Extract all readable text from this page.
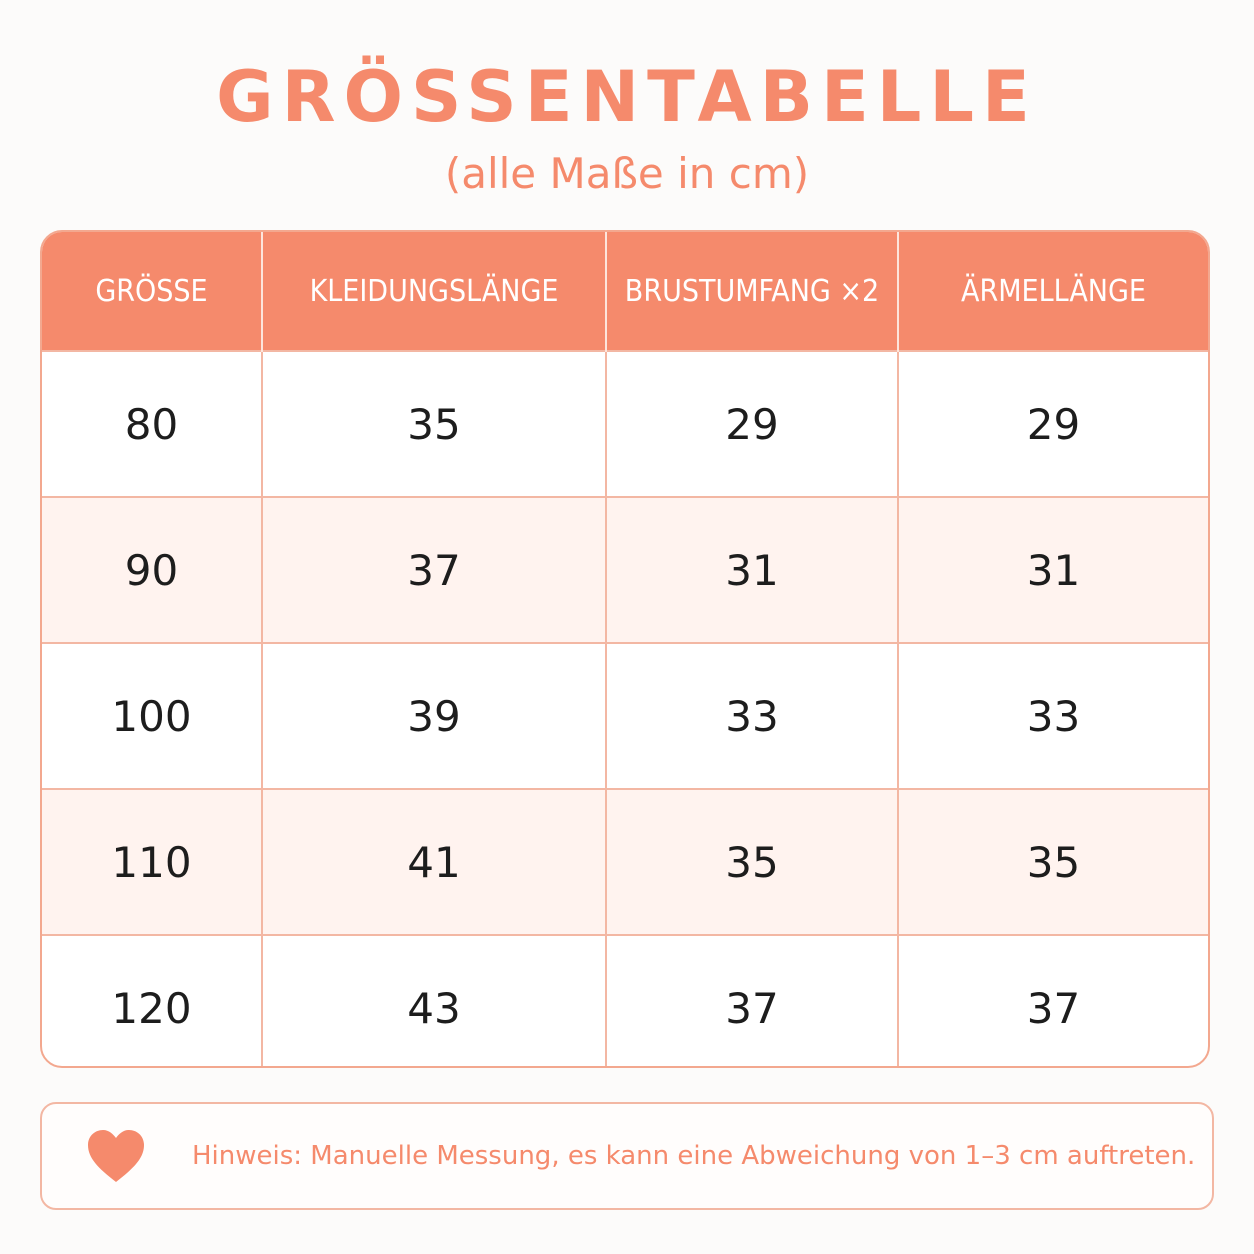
GRÖSSENTABELLE
(alle Maße in cm)
GRÖSSE	KLEIDUNGSLÄNGE	BRUSTUMFANG ×2	ÄRMELLÄNGE
80	35	29	29
90	37	31	31
100	39	33	33
110	41	35	35
120	43	37	37
Hinweis: Manuelle Messung, es kann eine Abweichung von 1–3 cm auftreten.
